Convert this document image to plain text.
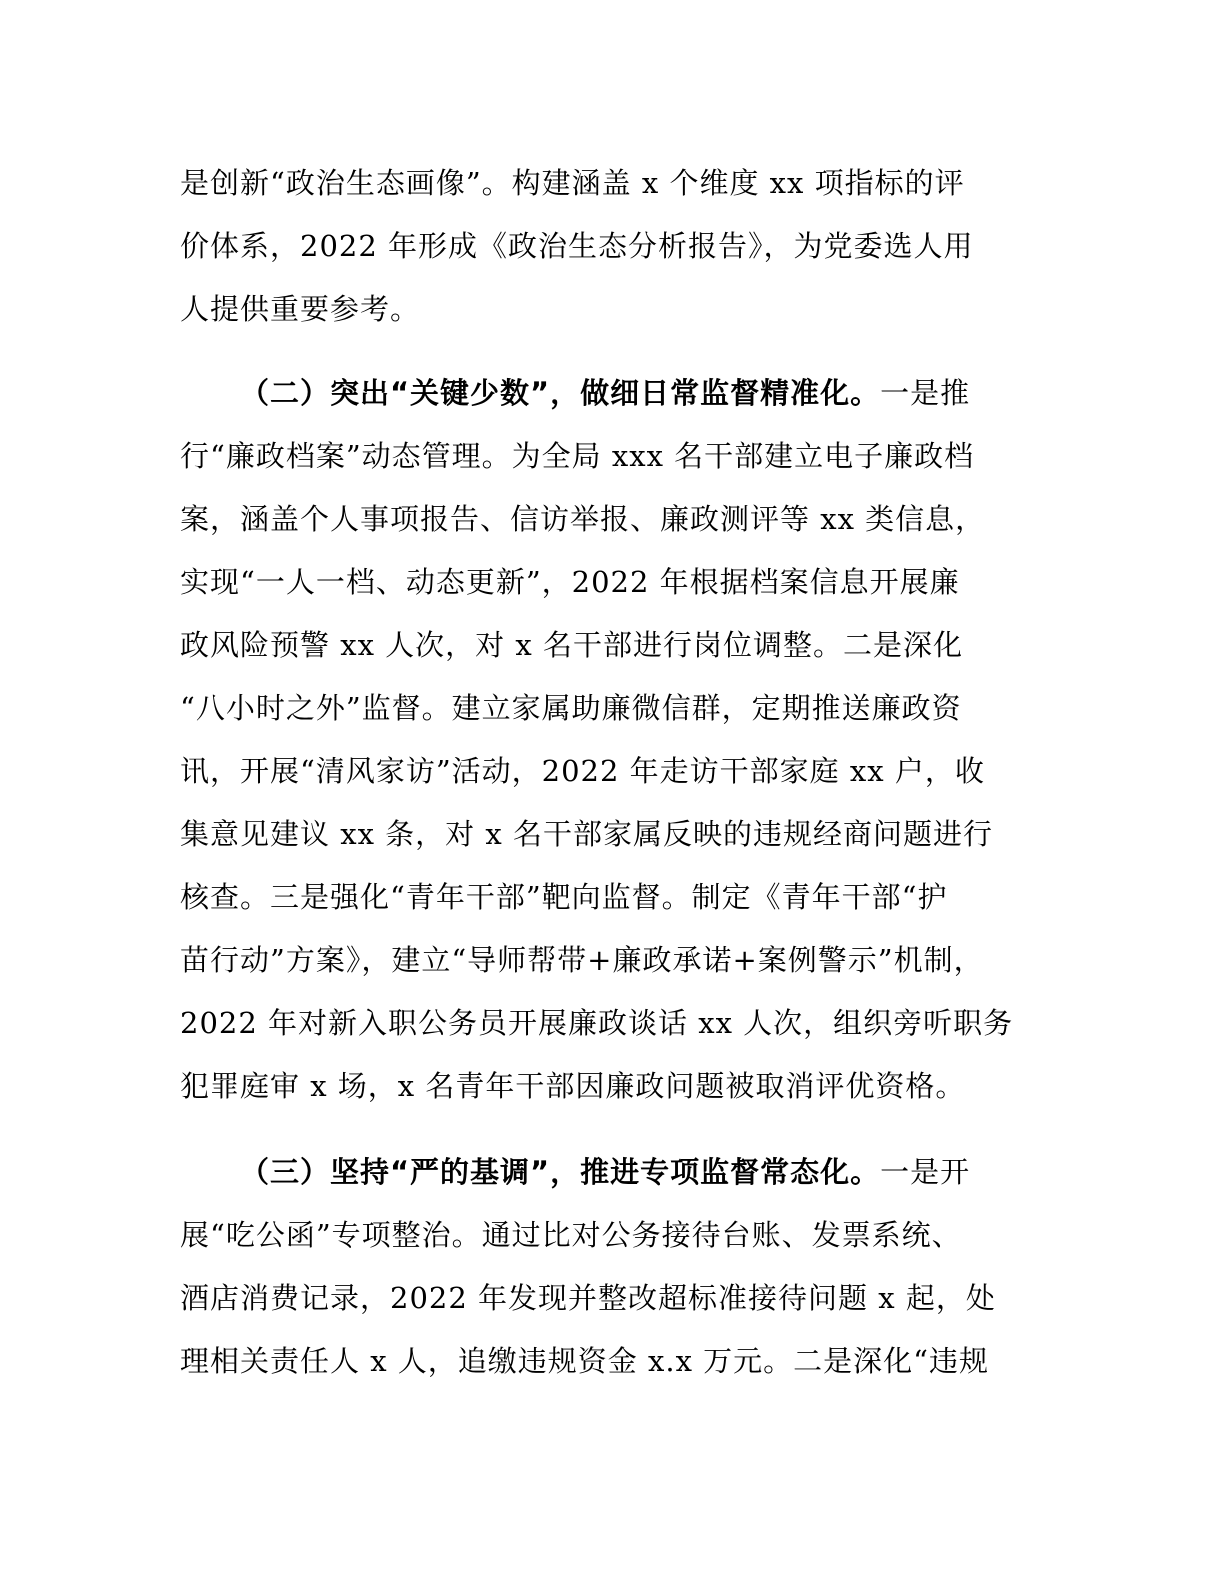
是创新“政治生态画像”。构建涵盖 x 个维度 xx 项指标的评
价体系，2022 年形成《政治生态分析报告》，为党委选人用
人提供重要参考。
（二）突出“关键少数”，做细日常监督精准化。一是推
行“廉政档案”动态管理。为全局 xxx 名干部建立电子廉政档
案，涵盖个人事项报告、信访举报、廉政测评等 xx 类信息，
实现“一人一档、动态更新”，2022 年根据档案信息开展廉
政风险预警 xx 人次，对 x 名干部进行岗位调整。二是深化
“八小时之外”监督。建立家属助廉微信群，定期推送廉政资
讯，开展“清风家访”活动，2022 年走访干部家庭 xx 户，收
集意见建议 xx 条，对 x 名干部家属反映的违规经商问题进行
核查。三是强化“青年干部”靶向监督。制定《青年干部“护
苗行动”方案》，建立“导师帮带+廉政承诺+案例警示”机制，
2022 年对新入职公务员开展廉政谈话 xx 人次，组织旁听职务
犯罪庭审 x 场，x 名青年干部因廉政问题被取消评优资格。
（三）坚持“严的基调”，推进专项监督常态化。一是开
展“吃公函”专项整治。通过比对公务接待台账、发票系统、
酒店消费记录，2022 年发现并整改超标准接待问题 x 起，处
理相关责任人 x 人，追缴违规资金 x.x 万元。二是深化“违规
